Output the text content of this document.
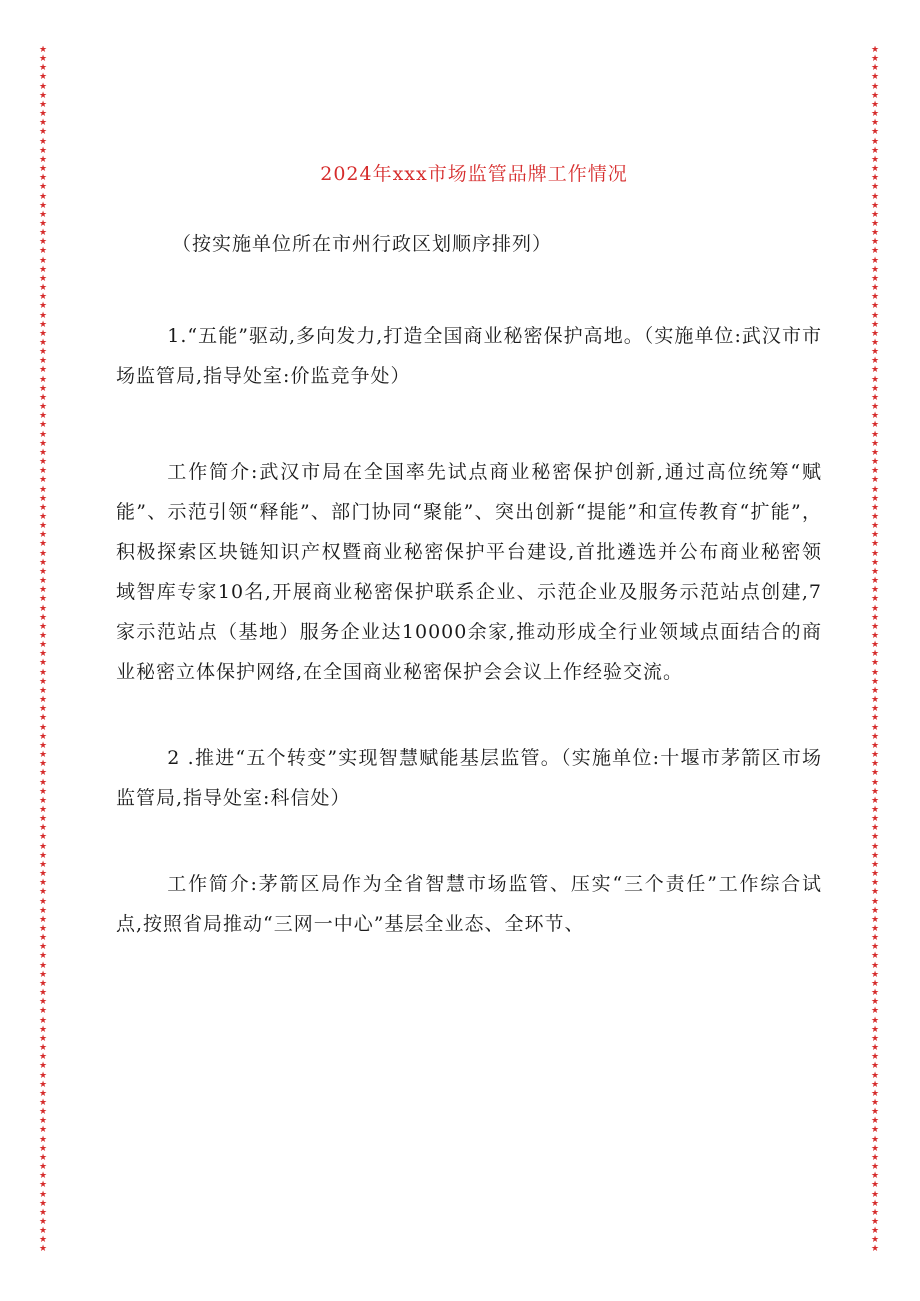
★
★
★
★
★
★
★
★
★
★
★
★
★
★
★
★
★
★
★
★
★
★
★
★
★
★
★
★
★
★
★
★
★
★
★
★
★
★
★
★
★
★
★
★
★
★
★
★
★
★
★
★
★
★
★
★
★
★
★
★
★
★
★
★
★
★
★
★
★
★
★
★
★
★
★
★
★
★
★
★
★
★
★
★
★
★
★
★
★
★
★
★
★
★
★
★
★
★
★
★
★
★
★
★
★
★
★
★
★
★
★
★
★
★
★
★
★
★
★
★
★
★
★
★
★
★
★
★
★
★
★
★
★
★
★
★
★
★
★
★
★
★
★
★
★
★
★
★
★
★
★
★
★
★
★
★
★
★
★
★
★
★
★
★
★
★
★
★
★
★
★
★
★
★
★
★
★
★
★
★
★
★
★
★
★
★
★
★
★
★
★
★
★
★
★
★
★
★
★
★
★
★
★
★
★
★
★
★
★
★
★
★
★
★
★
★
★
★
★
★
★
★
★
★
★
★
★
★
★
★
★
★
★
★
★
★
★
★
★
★
★
★
★
★
★
★
★
★
★
★
★
★
★
★
★
★
★
★
★
★
★
★
★
★
2024年xxx市场监管品牌工作情况
（按实施单位所在市州行政区划顺序排列）

1.“五能”驱动,多向发力,打造全国商业秘密保护高地。（实施单位:武汉市市场监管局,指导处室:价监竞争处）

工作简介:武汉市局在全国率先试点商业秘密保护创新,通过高位统筹“赋能”、示范引领“释能”、部门协同“聚能”、突出创新“提能”和宣传教育“扩能”，积极探索区块链知识产权暨商业秘密保护平台建设,首批遴选并公布商业秘密领域智库专家10名,开展商业秘密保护联系企业、示范企业及服务示范站点创建,7家示范站点（基地）服务企业达10000余家,推动形成全行业领域点面结合的商业秘密立体保护网络,在全国商业秘密保护会会议上作经验交流。

2 .推进“五个转变”实现智慧赋能基层监管。（实施单位:十堰市茅箭区市场监管局,指导处室:科信处）

工作简介:茅箭区局作为全省智慧市场监管、压实“三个责任”工作综合试点,按照省局推动“三网一中心”基层全业态、全环节、
